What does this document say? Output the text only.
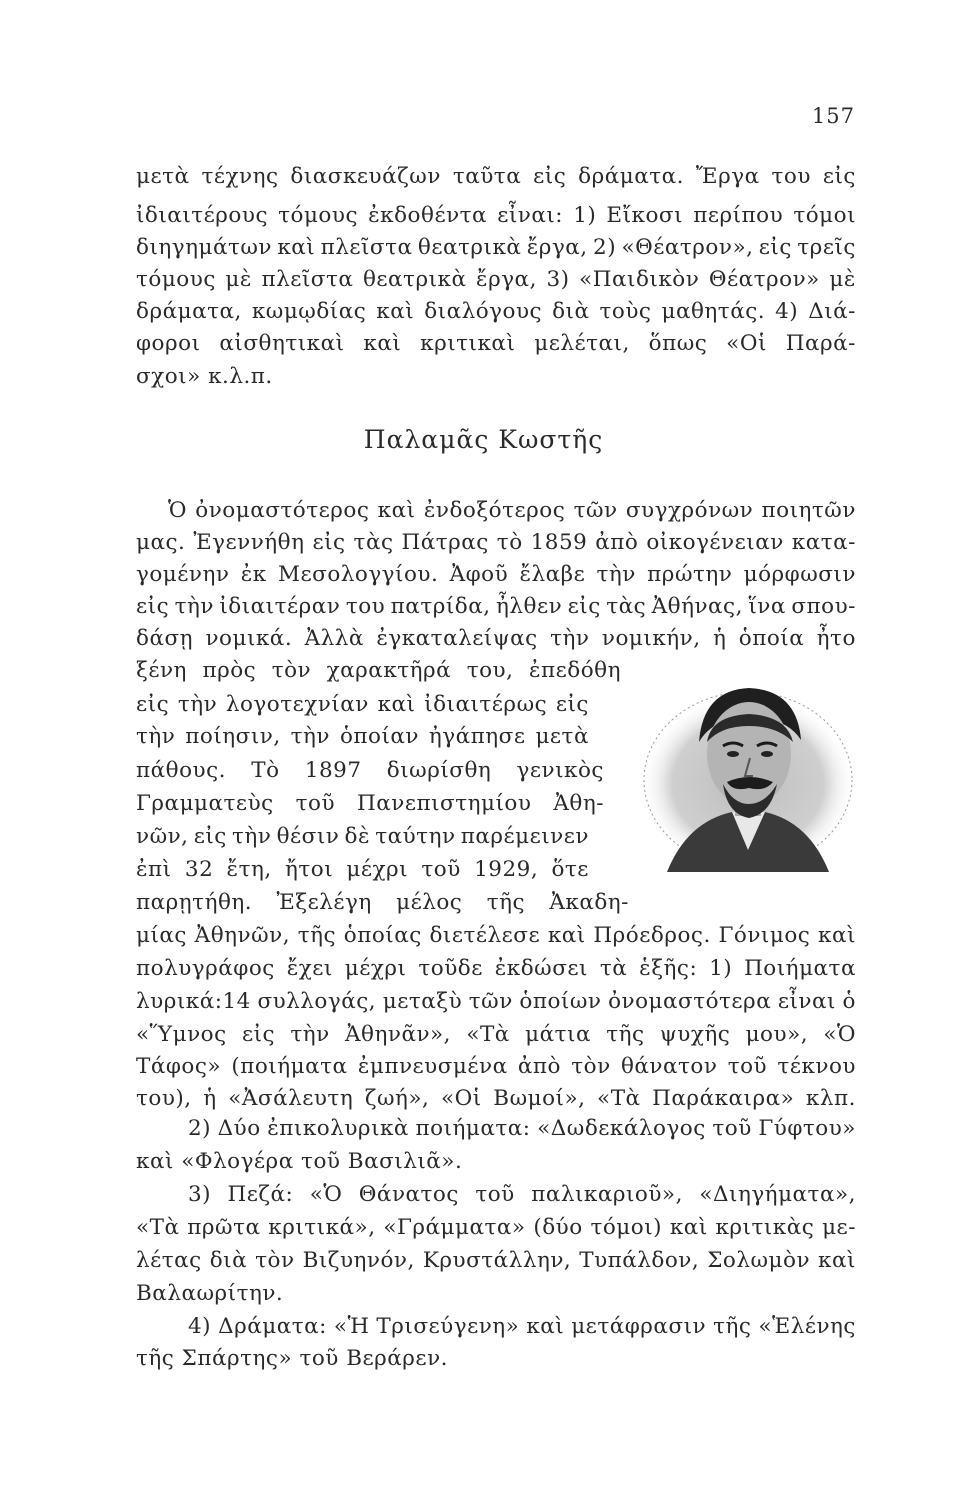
157
μετὰ τέχνης διασκευάζων ταῦτα εἰς δράματα. Ἔργα του εἰς
ἰδιαιτέρους τόμους ἐκδοθέντα εἶναι: 1) Εἴκοσι περίπου τόμοι
διηγημάτων καὶ πλεῖστα θεατρικὰ ἔργα, 2) «Θέατρον», εἰς τρεῖς
τόμους μὲ πλεῖστα θεατρικὰ ἔργα, 3) «Παιδικὸν Θέατρον» μὲ
δράματα, κωμῳδίας καὶ διαλόγους διὰ τοὺς μαθητάς. 4) Διά-
φοροι αἰσθητικαὶ καὶ κριτικαὶ μελέται, ὅπως «Οἱ Παρά-
σχοι» κ.λ.π.
Παλαμᾶς Κωστῆς
Ὁ ὀνομαστότερος καὶ ἐνδοξότερος τῶν συγχρόνων ποιητῶν
μας. Ἐγεννήθη εἰς τὰς Πάτρας τὸ 1859 ἀπὸ οἰκογένειαν κατα-
γομένην ἐκ Μεσολογγίου. Ἀφοῦ ἔλαβε τὴν πρώτην μόρφωσιν
εἰς τὴν ἰδιαιτέραν του πατρίδα, ἦλθεν εἰς τὰς Ἀθήνας, ἵνα σπου-
δάσῃ νομικά. Ἀλλὰ ἐγκαταλείψας τὴν νομικήν, ἡ ὁποία ἦτο
ξένη πρὸς τὸν χαρακτῆρά του, ἐπεδόθη
εἰς τὴν λογοτεχνίαν καὶ ἰδιαιτέρως εἰς
τὴν ποίησιν, τὴν ὁποίαν ἠγάπησε μετὰ
πάθους. Τὸ 1897 διωρίσθη γενικὸς
Γραμματεὺς τοῦ Πανεπιστημίου Ἀθη-
νῶν, εἰς τὴν θέσιν δὲ ταύτην παρέμεινεν
ἐπὶ 32 ἔτη, ἤτοι μέχρι τοῦ 1929, ὅτε
παρῃτήθη. Ἐξελέγη μέλος τῆς Ἀκαδη-
μίας Ἀθηνῶν, τῆς ὁποίας διετέλεσε καὶ Πρόεδρος. Γόνιμος καὶ
πολυγράφος ἔχει μέχρι τοῦδε ἐκδώσει τὰ ἑξῆς: 1) Ποιήματα
λυρικά:14 συλλογάς, μεταξὺ τῶν ὁποίων ὀνομαστότερα εἶναι ὁ
«Ὕμνος εἰς τὴν Ἀθηνᾶν», «Τὰ μάτια τῆς ψυχῆς μου», «Ὁ
Τάφος» (ποιήματα ἐμπνευσμένα ἀπὸ τὸν θάνατον τοῦ τέκνου
του), ἡ «Ἀσάλευτη ζωή», «Οἱ Βωμοί», «Τὰ Παράκαιρα» κλπ.
2) Δύο ἐπικολυρικὰ ποιήματα: «Δωδεκάλογος τοῦ Γύφτου»
καὶ «Φλογέρα τοῦ Βασιλιᾶ».
3) Πεζά: «Ὁ Θάνατος τοῦ παλικαριοῦ», «Διηγήματα»,
«Τὰ πρῶτα κριτικά», «Γράμματα» (δύο τόμοι) καὶ κριτικὰς με-
λέτας διὰ τὸν Βιζυηνόν, Κρυστάλλην, Τυπάλδον, Σολωμὸν καὶ
Βαλαωρίτην.
4) Δράματα: «Ἡ Τρισεύγενη» καὶ μετάφρασιν τῆς «Ἑλένης
τῆς Σπάρτης» τοῦ Βεράρεν.
